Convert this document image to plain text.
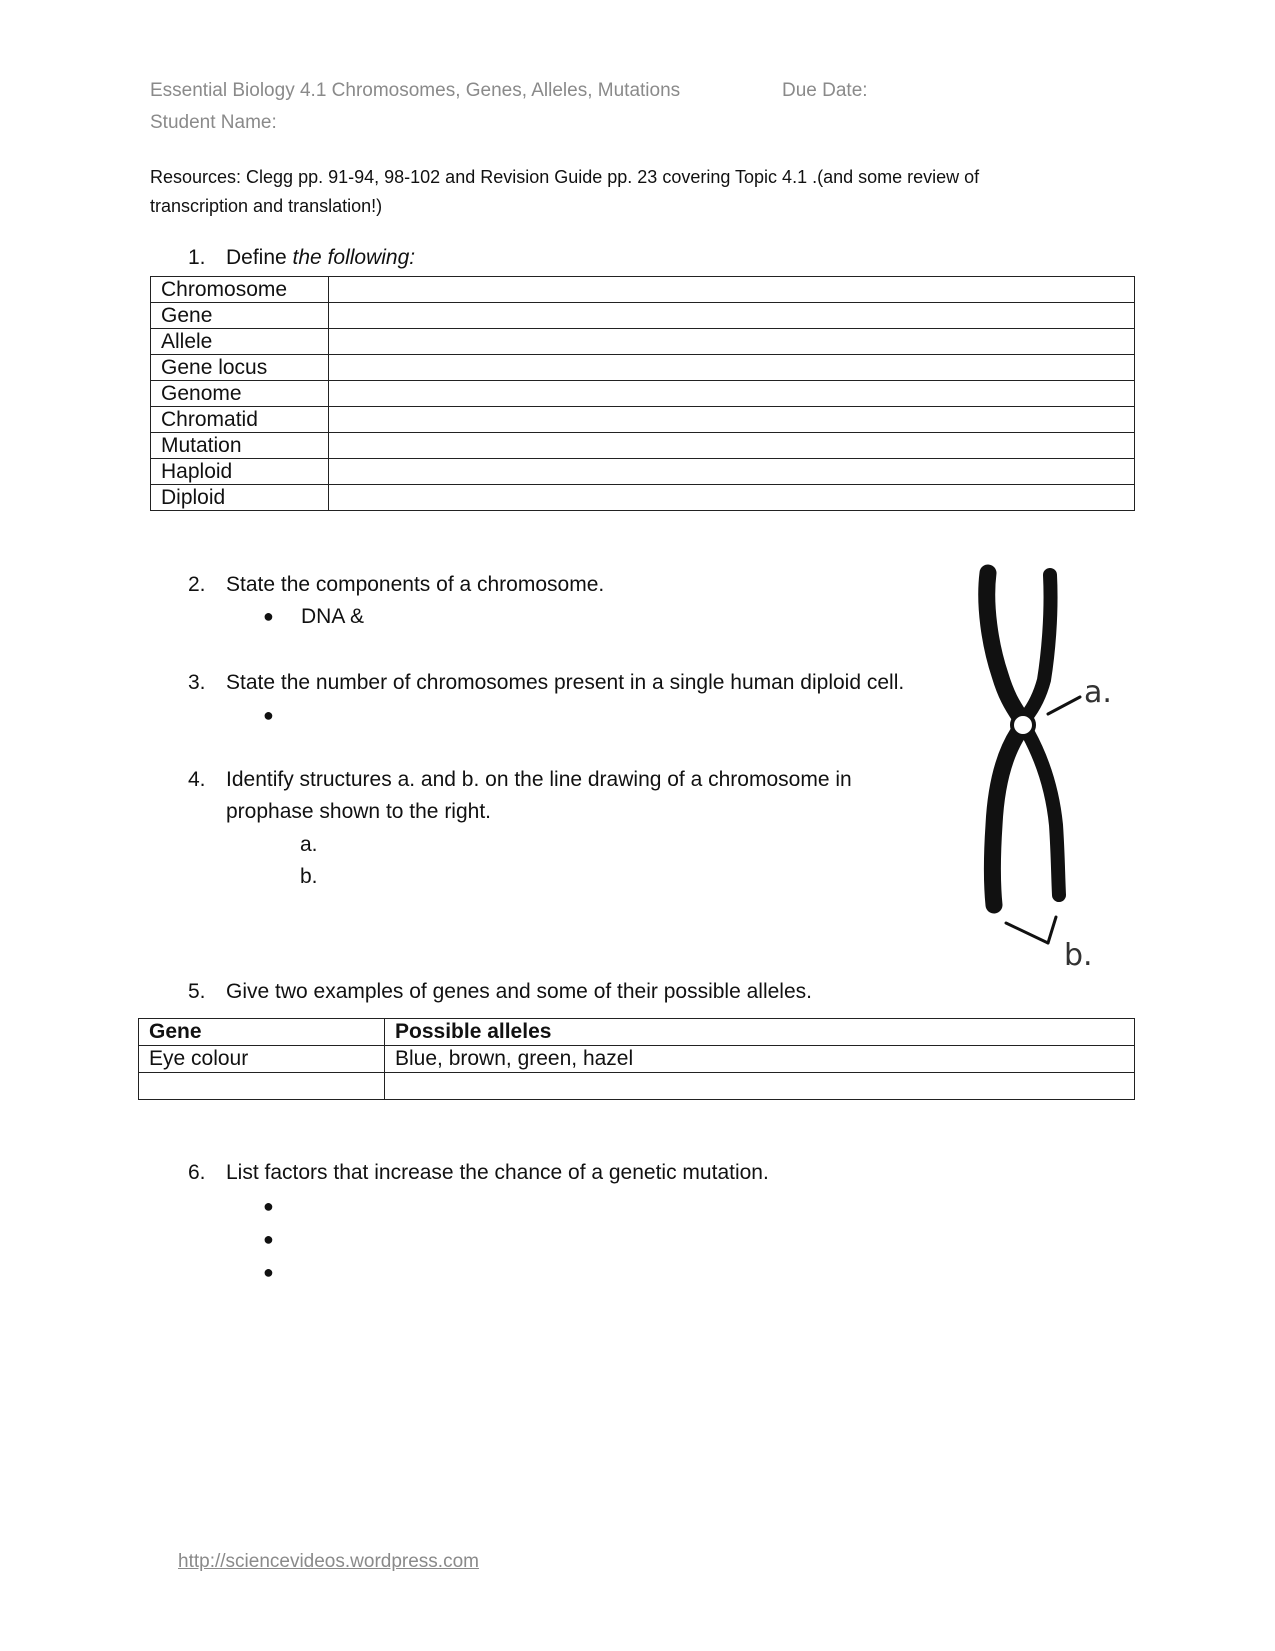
Essential Biology 4.1 Chromosomes, Genes, Alleles, Mutations	Due Date:
Student Name:
Resources: Clegg pp. 91-94, 98-102 and Revision Guide pp. 23 covering Topic 4.1 .(and some review of
transcription and translation!)
1. Define the following:
Chromosome	
Gene	
Allele	
Gene locus	
Genome	
Chromatid	
Mutation	
Haploid	
Diploid	
2. State the components of a chromosome.
● DNA &
3. State the number of chromosomes present in a single human diploid cell.
●
4. Identify structures a. and b. on the line drawing of a chromosome in
prophase shown to the right.
a.
b.
a.
b.
5. Give two examples of genes and some of their possible alleles.
Gene	Possible alleles
Eye colour	Blue, brown, green, hazel

6. List factors that increase the chance of a genetic mutation.
●
●
●
http://sciencevideos.wordpress.com
